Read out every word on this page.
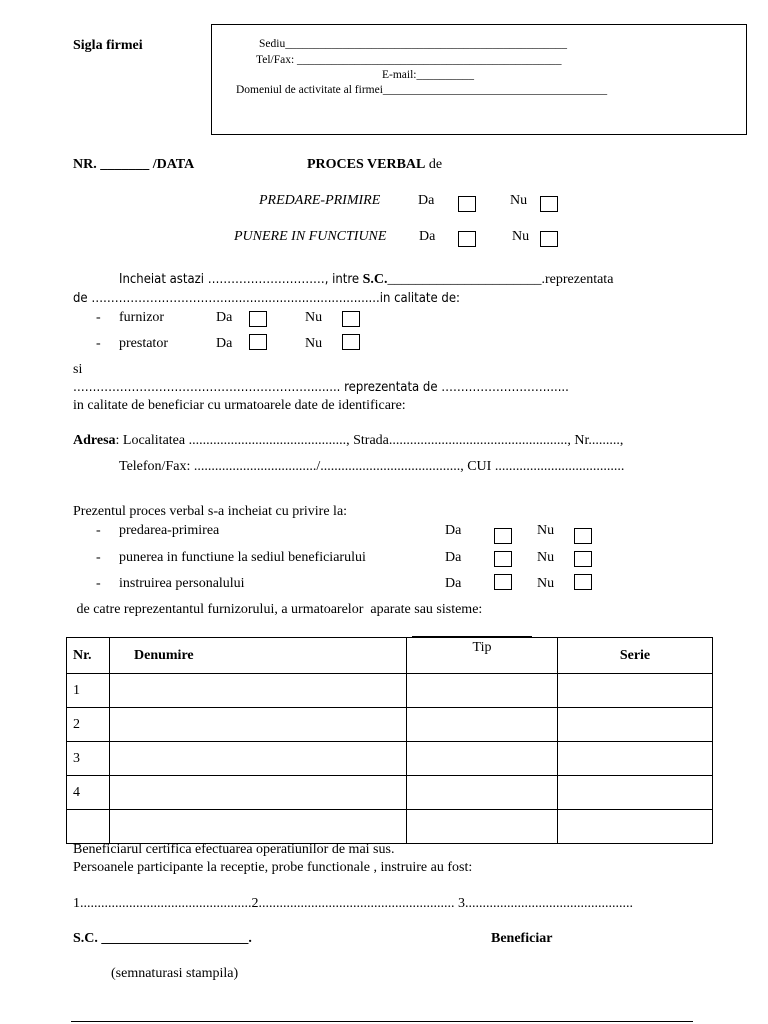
Sigla firmei	Sediu_________________________________________________
Tel/Fax: ______________________________________________
E-mail:__________
Domeniul de activitate al firmei_______________________________________
NR. _______ /DATA	PROCES VERBAL de
PREDARE-PRIMIRE	Da	Nu
PUNERE IN FUNCTIUNE Da	Nu
Incheiat astazi …………………………, intre S.C.______________________.reprezentata
de ……………………………...........................................in calitate de:
- furnizor	Da	Nu
- prestator	Da	Nu
si
……………………………………………………......... reprezentata de ………………………......
in calitate de beneficiar cu urmatoarele date de identificare:
Adresa: Localitatea ............................................., Strada..................................................., Nr.........,
Telefon/Fax: .................................../........................................, CUI .....................................
Prezentul proces verbal s-a incheiat cu privire la:
- predarea-primirea	Da	Nu
- punerea in functiune la sediul beneficiarului	Da	Nu
- instruirea personalului	Da	Nu
de catre reprezentantul furnizorului, a urmatoarelor  aparate sau sisteme:
Nr.	Denumire	Tip	Serie
1			
2			
3			
4			

Beneficiarul certifica efectuarea operatiunilor de mai sus.
Persoanele participante la receptie, probe functionale , instruire au fost:
1.................................................2........................................................ 3................................................
S.C. _____________________.	Beneficiar
(semnaturasi stampila)
